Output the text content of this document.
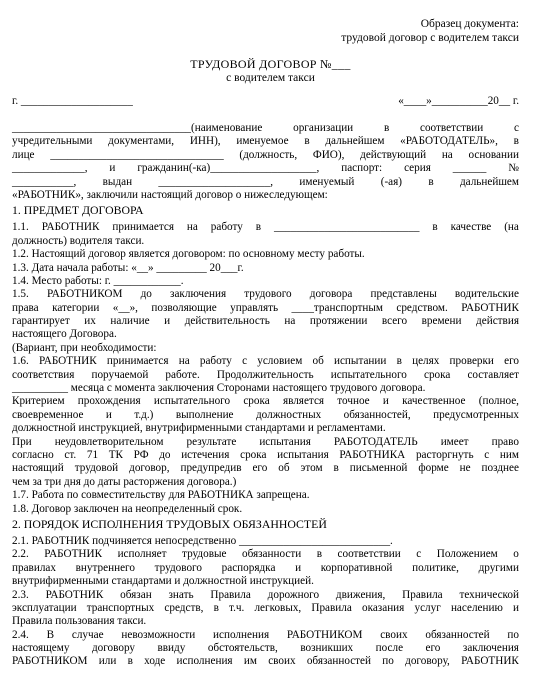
Образец документа:
трудовой договор с водителем такси
ТРУДОВОЙ ДОГОВОР №___
с водителем такси
г. ____________________	«____»__________20__ г.
________________________________(наименование	организации	в	соответствии	с
учредительными документами, ИНН), именуемое в дальнейшем «РАБОТОДАТЕЛЬ», в
лице _______________________________ (должность, ФИО), действующий на основании
_____________, и гражданин(-ка)___________________, паспорт: серия ______ №
___________, выдан ____________________, именуемый (-ая) в дальнейшем
«РАБОТНИК», заключили настоящий договор о нижеследующем:
1. ПРЕДМЕТ ДОГОВОРА
1.1. РАБОТНИК принимается на работу в __________________________ в качестве (на
должность) водителя такси.
1.2. Настоящий договор является договором: по основному месту работы.
1.3. Дата начала работы: «__» _________ 20___г.
1.4. Место работы: г. ____________.
1.5. РАБОТНИКОМ до заключения трудового договора представлены водительские
права категории «__», позволяющие управлять ____транспортным средством. РАБОТНИК
гарантирует их наличие и действительность на протяжении всего времени действия
настоящего Договора.
(Вариант, при необходимости:
1.6. РАБОТНИК принимается на работу с условием об испытании в целях проверки его
соответствия поручаемой работе. Продолжительность испытательного срока составляет
__________ месяца с момента заключения Сторонами настоящего трудового договора.
Критерием прохождения испытательного срока является точное и качественное (полное,
своевременное и т.д.) выполнение должностных обязанностей, предусмотренных
должностной инструкцией, внутрифирменными стандартами и регламентами.
При неудовлетворительном результате испытания РАБОТОДАТЕЛЬ имеет право
согласно ст. 71 ТК РФ до истечения срока испытания РАБОТНИКА расторгнуть с ним
настоящий трудовой договор, предупредив его об этом в письменной форме не позднее
чем за три дня до даты расторжения договора.)
1.7. Работа по совместительству для РАБОТНИКА запрещена.
1.8. Договор заключен на неопределенный срок.
2. ПОРЯДОК ИСПОЛНЕНИЯ ТРУДОВЫХ ОБЯЗАННОСТЕЙ
2.1. РАБОТНИК подчиняется непосредственно ___________________________.
2.2. РАБОТНИК исполняет трудовые обязанности в соответствии с Положением о
правилах внутреннего трудового распорядка и корпоративной политике, другими
внутрифирменными стандартами и должностной инструкцией.
2.3. РАБОТНИК обязан знать Правила дорожного движения, Правила технической
эксплуатации транспортных средств, в т.ч. легковых, Правила оказания услуг населению и
Правила пользования такси.
2.4. В случае невозможности исполнения РАБОТНИКОМ своих обязанностей по
настоящему договору ввиду обстоятельств, возникших после его заключения
РАБОТНИКОМ или в ходе исполнения им своих обязанностей по договору, РАБОТНИК
